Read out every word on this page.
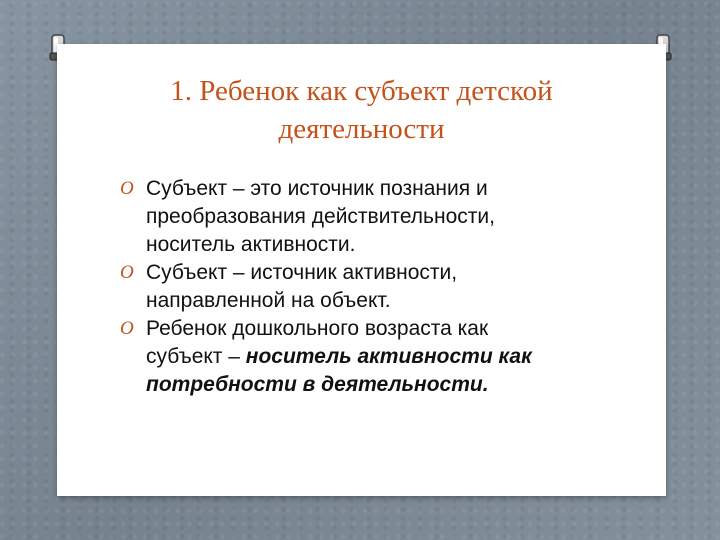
1. Ребенок как субъект детской
деятельности
O Субъект – это источник познания и
преобразования действительности,
носитель активности.
O Субъект – источник активности,
направленной на объект.
O Ребенок дошкольного возраста как
субъект – носитель активности как
потребности в деятельности.
